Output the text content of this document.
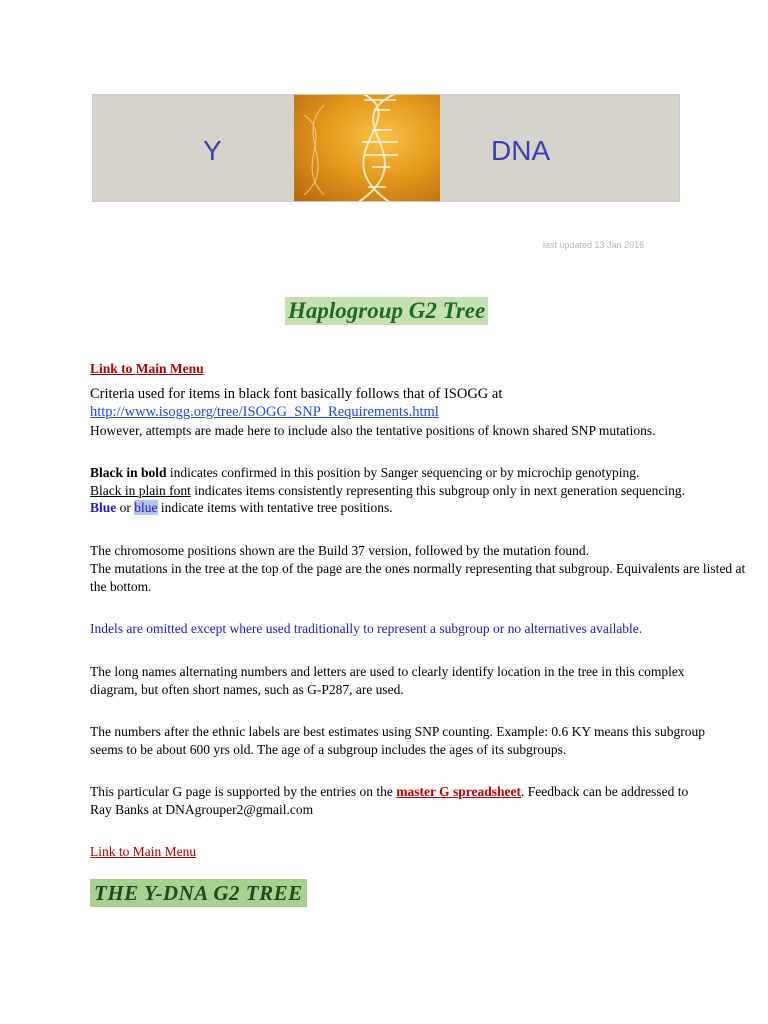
Y	DNA
last updated 13 Jan 2016
Haplogroup G2 Tree
Link to Main Menu
Criteria used for items in black font basically follows that of ISOGG at
http://www.isogg.org/tree/ISOGG_SNP_Requirements.html
However, attempts are made here to include also the tentative positions of known shared SNP mutations.
Black in bold indicates confirmed in this position by Sanger sequencing or by microchip genotyping.
Black in plain font indicates items consistently representing this subgroup only in next generation sequencing.
Blue or blue indicate items with tentative tree positions.
The chromosome positions shown are the Build 37 version, followed by the mutation found.
The mutations in the tree at the top of the page are the ones normally representing that subgroup. Equivalents are listed at the bottom.
Indels are omitted except where used traditionally to represent a subgroup or no alternatives available.
The long names alternating numbers and letters are used to clearly identify location in the tree in this complex diagram, but often short names, such as G-P287, are used.
The numbers after the ethnic labels are best estimates using SNP counting. Example: 0.6 KY means this subgroup seems to be about 600 yrs old. The age of a subgroup includes the ages of its subgroups.
This particular G page is supported by the entries on the master G spreadsheet. Feedback can be addressed to
Ray Banks at DNAgrouper2@gmail.com
Link to Main Menu
THE Y-DNA G2 TREE
